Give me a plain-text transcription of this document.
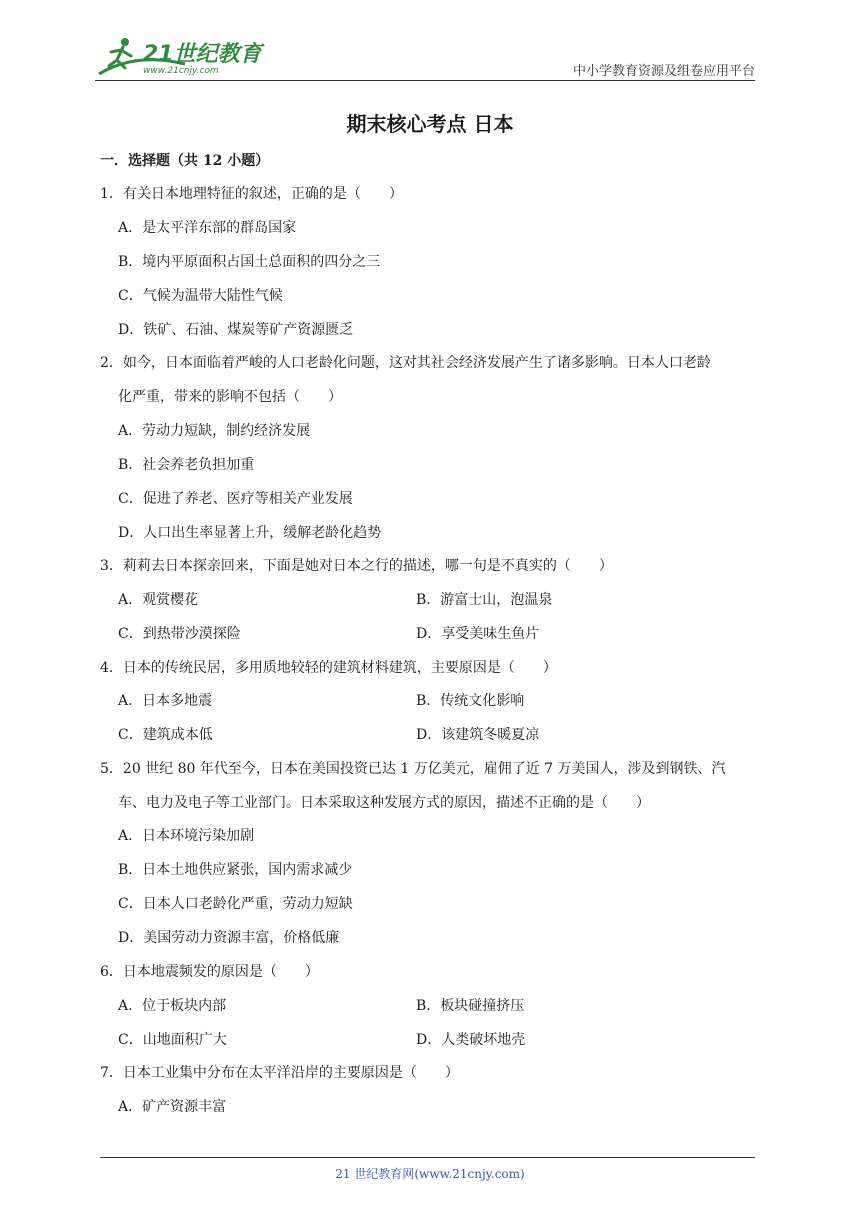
21世纪教育
www.21cnjy.com	中小学教育资源及组卷应用平台
期末核心考点 日本
一．选择题（共 12 小题）
1．有关日本地理特征的叙述，正确的是（　　）
A．是太平洋东部的群岛国家
B．境内平原面积占国土总面积的四分之三
C．气候为温带大陆性气候
D．铁矿、石油、煤炭等矿产资源匮乏
2．如今，日本面临着严峻的人口老龄化问题，这对其社会经济发展产生了诸多影响。日本人口老龄
化严重，带来的影响不包括（　　）
A．劳动力短缺，制约经济发展
B．社会养老负担加重
C．促进了养老、医疗等相关产业发展
D．人口出生率显著上升，缓解老龄化趋势
3．莉莉去日本探亲回来，下面是她对日本之行的描述，哪一句是不真实的（　　）
A．观赏樱花	B．游富士山，泡温泉
C．到热带沙漠探险	D．享受美味生鱼片
4．日本的传统民居，多用质地较轻的建筑材料建筑，主要原因是（　　）
A．日本多地震	B．传统文化影响
C．建筑成本低	D．该建筑冬暖夏凉
5．20 世纪 80 年代至今，日本在美国投资已达 1 万亿美元，雇佣了近 7 万美国人，涉及到钢铁、汽
车、电力及电子等工业部门。日本采取这种发展方式的原因，描述不正确的是（　　）
A．日本环境污染加剧
B．日本土地供应紧张，国内需求减少
C．日本人口老龄化严重，劳动力短缺
D．美国劳动力资源丰富，价格低廉
6．日本地震频发的原因是（　　）
A．位于板块内部	B．板块碰撞挤压
C．山地面积广大	D．人类破坏地壳
7．日本工业集中分布在太平洋沿岸的主要原因是（　　）
A．矿产资源丰富
21 世纪教育网(www.21cnjy.com)
